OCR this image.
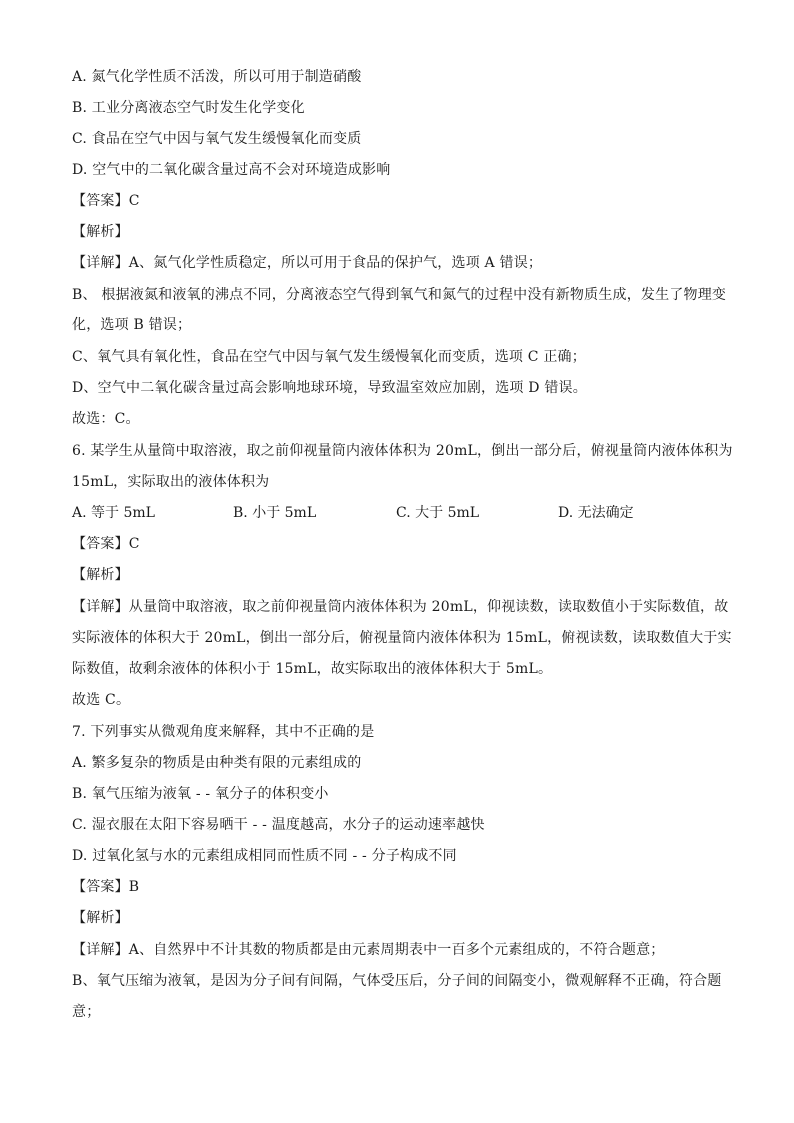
A. 氮气化学性质不活泼，所以可用于制造硝酸
B. 工业分离液态空气时发生化学变化
C. 食品在空气中因与氧气发生缓慢氧化而变质
D. 空气中的二氧化碳含量过高不会对环境造成影响
【答案】C
【解析】
【详解】A、氮气化学性质稳定，所以可用于食品的保护气，选项 A 错误；
B、 根据液氮和液氧的沸点不同，分离液态空气得到氧气和氮气的过程中没有新物质生成，发生了物理变
化，选项 B 错误；
C、氧气具有氧化性，食品在空气中因与氧气发生缓慢氧化而变质，选项 C 正确；
D、空气中二氧化碳含量过高会影响地球环境，导致温室效应加剧，选项 D 错误。
故选：C。
6. 某学生从量筒中取溶液，取之前仰视量筒内液体体积为 20mL，倒出一部分后，俯视量筒内液体体积为
15mL，实际取出的液体体积为
A. 等于 5mL	B. 小于 5mL	C. 大于 5mL	D. 无法确定
【答案】C
【解析】
【详解】从量筒中取溶液，取之前仰视量筒内液体体积为 20mL，仰视读数，读取数值小于实际数值，故
实际液体的体积大于 20mL，倒出一部分后，俯视量筒内液体体积为 15mL，俯视读数，读取数值大于实
际数值，故剩余液体的体积小于 15mL，故实际取出的液体体积大于 5mL。
故选 C。
7. 下列事实从微观角度来解释，其中不正确的是
A. 繁多复杂的物质是由种类有限的元素组成的
B. 氧气压缩为液氧 - - 氧分子的体积变小
C. 湿衣服在太阳下容易晒干 - - 温度越高，水分子的运动速率越快
D. 过氧化氢与水的元素组成相同而性质不同 - - 分子构成不同
【答案】B
【解析】
【详解】A、自然界中不计其数的物质都是由元素周期表中一百多个元素组成的，不符合题意；
B、氧气压缩为液氧，是因为分子间有间隔，气体受压后，分子间的间隔变小，微观解释不正确，符合题
意；
